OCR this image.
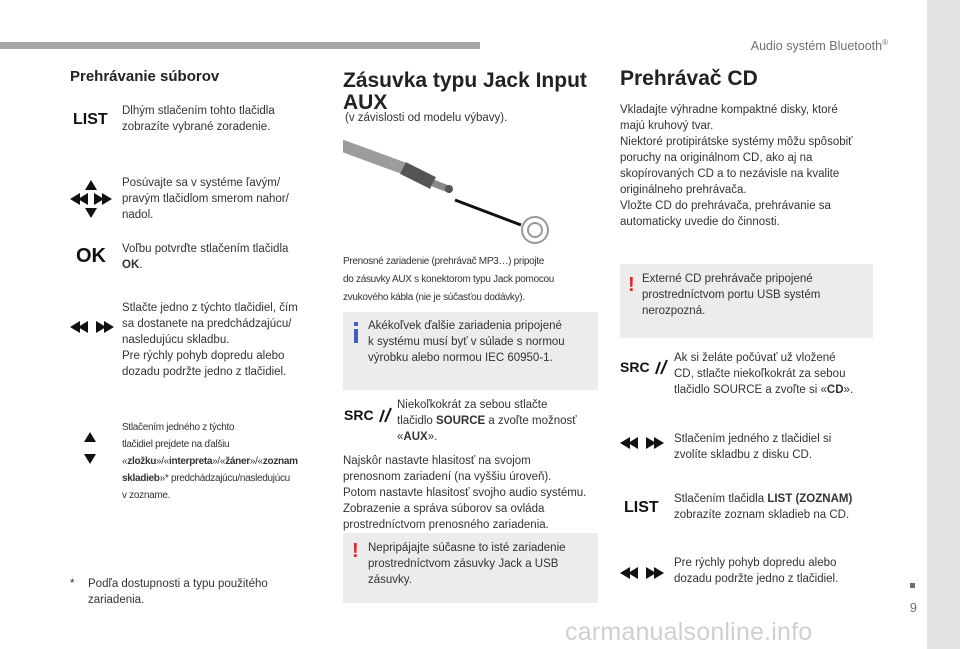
Audio systém Bluetooth®
9
carmanualsonline.info
Prehrávanie súborov
LIST Dlhým stlačením tohto tlačidla
zobrazíte vybrané zoradenie.
Posúvajte sa v systéme ľavým/
pravým tlačidlom smerom nahor/
nadol.
OK Voľbu potvrďte stlačením tlačidla
OK.
Stlačte jedno z týchto tlačidiel, čím
sa dostanete na predchádzajúcu/
nasledujúcu skladbu.
Pre rýchly pohyb dopredu alebo
dozadu podržte jedno z tlačidiel.
Stlačením jedného z týchto
tlačidiel prejdete na ďalšiu
«zložku»/«interpreta»/«žáner»/«zoznam
skladieb»* predchádzajúcu/nasledujúcu
v zozname.
* Podľa dostupnosti a typu použitého
zariadenia.
Zásuvka typu Jack Input
AUX
(v závislosti od modelu výbavy).
Prenosné zariadenie (prehrávač MP3…) pripojte
do zásuvky AUX s konektorom typu Jack pomocou
zvukového kábla (nie je súčasťou dodávky).
Akékoľvek ďalšie zariadenia pripojené
k systému musí byť v súlade s normou
výrobku alebo normou IEC 60950-1.
SRC
Niekoľkokrát za sebou stlačte
tlačidlo SOURCE a zvoľte možnosť
«AUX».
Najskôr nastavte hlasitosť na svojom
prenosnom zariadení (na vyššiu úroveň).
Potom nastavte hlasitosť svojho audio systému.
Zobrazenie a správa súborov sa ovláda
prostredníctvom prenosného zariadenia.
! Nepripájajte súčasne to isté zariadenie
prostredníctvom zásuvky Jack a USB
zásuvky.
Prehrávač CD
Vkladajte výhradne kompaktné disky, ktoré
majú kruhový tvar.
Niektoré protipirátske systémy môžu spôsobiť
poruchy na originálnom CD, ako aj na
skopírovaných CD a to nezávisle na kvalite
originálneho prehrávača.
Vložte CD do prehrávača, prehrávanie sa
automaticky uvedie do činnosti.
! Externé CD prehrávače pripojené
prostredníctvom portu USB systém
nerozpozná.
SRC
Ak si želáte počúvať už vložené
CD, stlačte niekoľkokrát za sebou
tlačidlo SOURCE a zvoľte si «CD».
Stlačením jedného z tlačidiel si
zvolíte skladbu z disku CD.
LIST Stlačením tlačidla LIST (ZOZNAM)
zobrazíte zoznam skladieb na CD.
Pre rýchly pohyb dopredu alebo
dozadu podržte jedno z tlačidiel.
